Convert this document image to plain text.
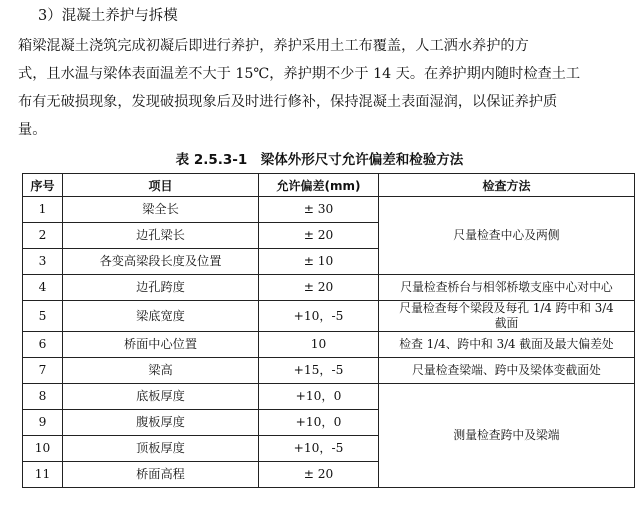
3）混凝土养护与拆模

箱梁混凝土浇筑完成初凝后即进行养护，养护采用土工布覆盖，人工洒水养护的方
式，且水温与梁体表面温差不大于 15℃，养护期不少于 14 天。在养护期内随时检查土工
布有无破损现象，发现破损现象后及时进行修补，保持混凝土表面湿润，以保证养护质
量。

表 2.5.3-1　梁体外形尺寸允许偏差和检验方法
序号	项目	允许偏差(mm)	检查方法
1	梁全长	± 30	尺量检查中心及两侧
2	边孔梁长	± 20	
3	各变高梁段长度及位置	± 10	
4	边孔跨度	± 20	尺量检查桥台与相邻桥墩支座中心对中心
5	梁底宽度	+10，-5	尺量检查每个梁段及每孔 1/4 跨中和 3/4
截面

6	桥面中心位置	10	检查 1/4、跨中和 3/4 截面及最大偏差处
7	梁高	+15，-5	尺量检查梁端、跨中及梁体变截面处
8	底板厚度	+10，0	测量检查跨中及梁端
9	腹板厚度	+10，0	
10	顶板厚度	+10，-5	
11	桥面高程	± 20	
